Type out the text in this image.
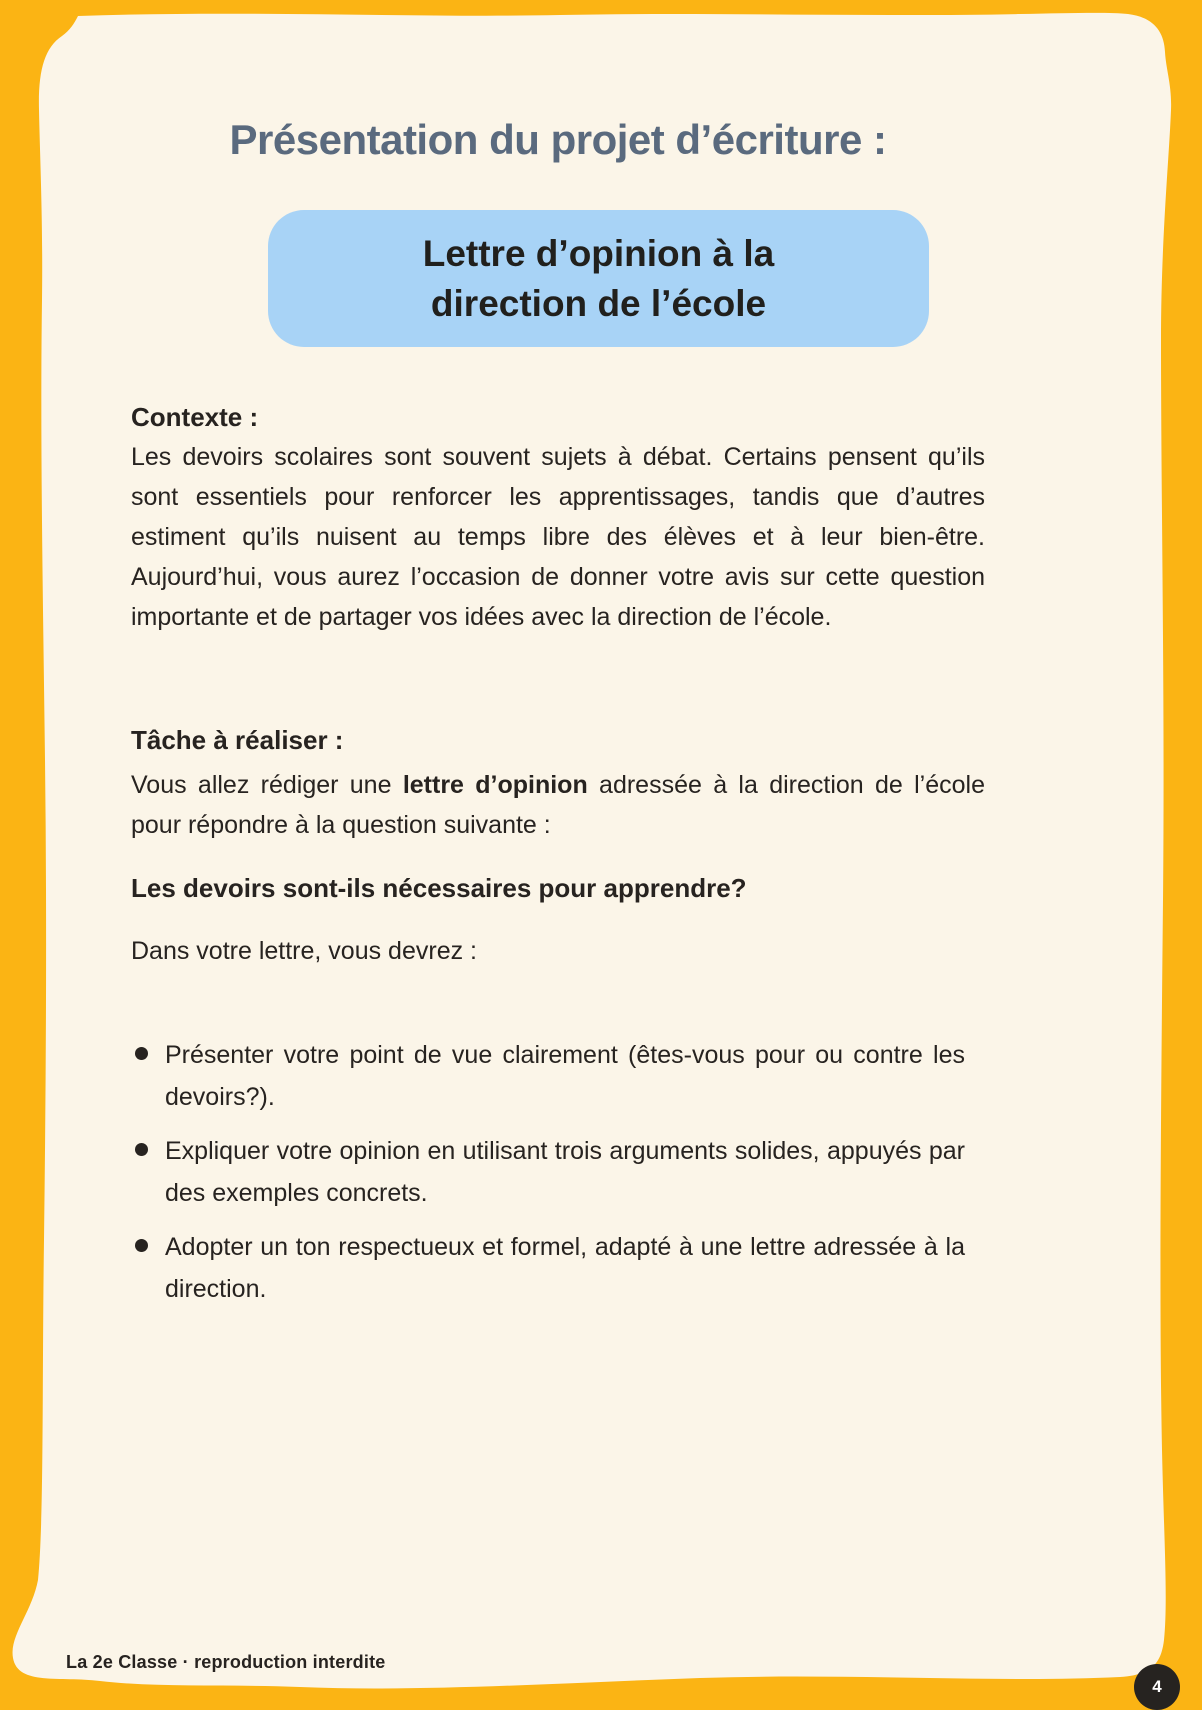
Présentation du projet d’écriture :
Lettre d’opinion à la
direction de l’école
Contexte :
Les devoirs scolaires sont souvent sujets à débat. Certains pensent qu’ils sont essentiels pour renforcer les apprentissages, tandis que d’autres estiment qu’ils nuisent au temps libre des élèves et à leur bien-être. Aujourd’hui, vous aurez l’occasion de donner votre avis sur cette question importante et de partager vos idées avec la direction de l’école.
Tâche à réaliser :
Vous allez rédiger une lettre d’opinion adressée à la direction de l’école pour répondre à la question suivante :
Les devoirs sont-ils nécessaires pour apprendre?
Dans votre lettre, vous devrez :
Présenter votre point de vue clairement (êtes-vous pour ou contre les devoirs?).
Expliquer votre opinion en utilisant trois arguments solides, appuyés par des exemples concrets.
Adopter un ton respectueux et formel, adapté à une lettre adressée à la direction.
La 2e Classe · reproduction interdite
4
